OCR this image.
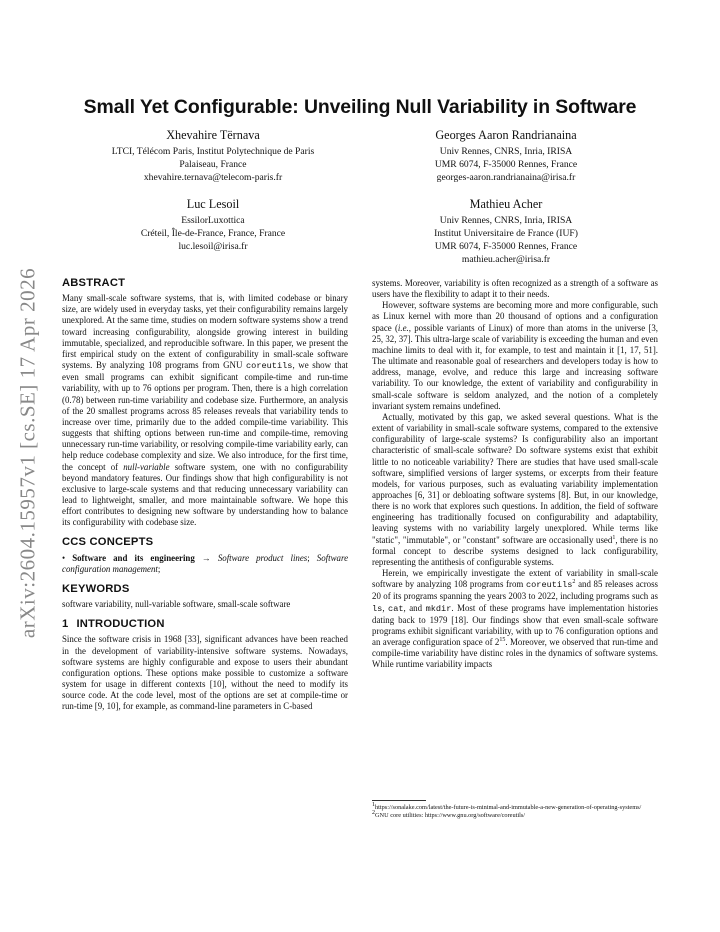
arXiv:2604.15957v1 [cs.SE] 17 Apr 2026
Small Yet Configurable: Unveiling Null Variability in Software
Xhevahire Tërnava
LTCI, Télécom Paris, Institut Polytechnique de Paris
Palaiseau, France
xhevahire.ternava@telecom-paris.fr
Georges Aaron Randrianaina
Univ Rennes, CNRS, Inria, IRISA
UMR 6074, F-35000 Rennes, France
georges-aaron.randrianaina@irisa.fr
Luc Lesoil
EssilorLuxottica
Créteil, Île-de-France, France, France
luc.lesoil@irisa.fr
Mathieu Acher
Univ Rennes, CNRS, Inria, IRISA
Institut Universitaire de France (IUF)
UMR 6074, F-35000 Rennes, France
mathieu.acher@irisa.fr
ABSTRACT

Many small-scale software systems, that is, with limited codebase or binary size, are widely used in everyday tasks, yet their configurability remains largely unexplored. At the same time, studies on modern software systems show a trend toward increasing configurability, alongside growing interest in building immutable, specialized, and reproducible software. In this paper, we present the first empirical study on the extent of configurability in small-scale software systems. By analyzing 108 programs from GNU coreutils, we show that even small programs can exhibit significant compile-time and run-time variability, with up to 76 options per program. Then, there is a high correlation (0.78) between run-time variability and codebase size. Furthermore, an analysis of the 20 smallest programs across 85 releases reveals that variability tends to increase over time, primarily due to the added compile-time variability. This suggests that shifting options between run-time and compile-time, removing unnecessary run-time variability, or resolving compile-time variability early, can help reduce codebase complexity and size. We also introduce, for the first time, the concept of null-variable software system, one with no configurability beyond mandatory features. Our findings show that high configurability is not exclusive to large-scale systems and that reducing unnecessary variability can lead to lightweight, smaller, and more maintainable software. We hope this effort contributes to designing new software by understanding how to balance its configurability with codebase size.

CCS CONCEPTS

• Software and its engineering → Software product lines; Software configuration management;

KEYWORDS

software variability, null-variable software, small-scale software

1 INTRODUCTION

Since the software crisis in 1968 [33], significant advances have been reached in the development of variability-intensive software systems. Nowadays, software systems are highly configurable and expose to users their abundant configuration options. These options make possible to customize a software system for usage in different contexts [10], without the need to modify its source code. At the code level, most of the options are set at compile-time or run-time [9, 10], for example, as command-line parameters in C-based

systems. Moreover, variability is often recognized as a strength of a software as users have the flexibility to adapt it to their needs.

However, software systems are becoming more and more configurable, such as Linux kernel with more than 20 thousand of options and a configuration space (i.e., possible variants of Linux) of more than atoms in the universe [3, 25, 32, 37]. This ultra-large scale of variability is exceeding the human and even machine limits to deal with it, for example, to test and maintain it [1, 17, 51]. The ultimate and reasonable goal of researchers and developers today is how to address, manage, evolve, and reduce this large and increasing software variability. To our knowledge, the extent of variability and configurability in small-scale software is seldom analyzed, and the notion of a completely invariant system remains undefined.

Actually, motivated by this gap, we asked several questions. What is the extent of variability in small-scale software systems, compared to the extensive configurability of large-scale systems? Is configurability also an important characteristic of small-scale software? Do software systems exist that exhibit little to no noticeable variability? There are studies that have used small-scale software, simplified versions of larger systems, or excerpts from their feature models, for various purposes, such as evaluating variability implementation approaches [6, 31] or debloating software systems [8]. But, in our knowledge, there is no work that explores such questions. In addition, the field of software engineering has traditionally focused on configurability and adaptability, leaving systems with no variability largely unexplored. While terms like "static", "immutable", or "constant" software are occasionally used$^1$, there is no formal concept to describe systems designed to lack configurability, representing the antithesis of configurable systems.

Herein, we empirically investigate the extent of variability in small-scale software by analyzing 108 programs from coreutils$^2$ and 85 releases across 20 of its programs spanning the years 2003 to 2022, including programs such as ls, cat, and mkdir. Most of these programs have implementation histories dating back to 1979 [18]. Our findings show that even small-scale software programs exhibit significant variability, with up to 76 configuration options and an average configuration space of $2^{15}$. Moreover, we observed that run-time and compile-time variability have distinc roles in the dynamics of software systems. While runtime variability impacts

$^1$https://sonalake.com/latest/the-future-is-minimal-and-immutable-a-new-generation-of-operating-systems/
$^2$GNU core utilities: https://www.gnu.org/software/coreutils/
